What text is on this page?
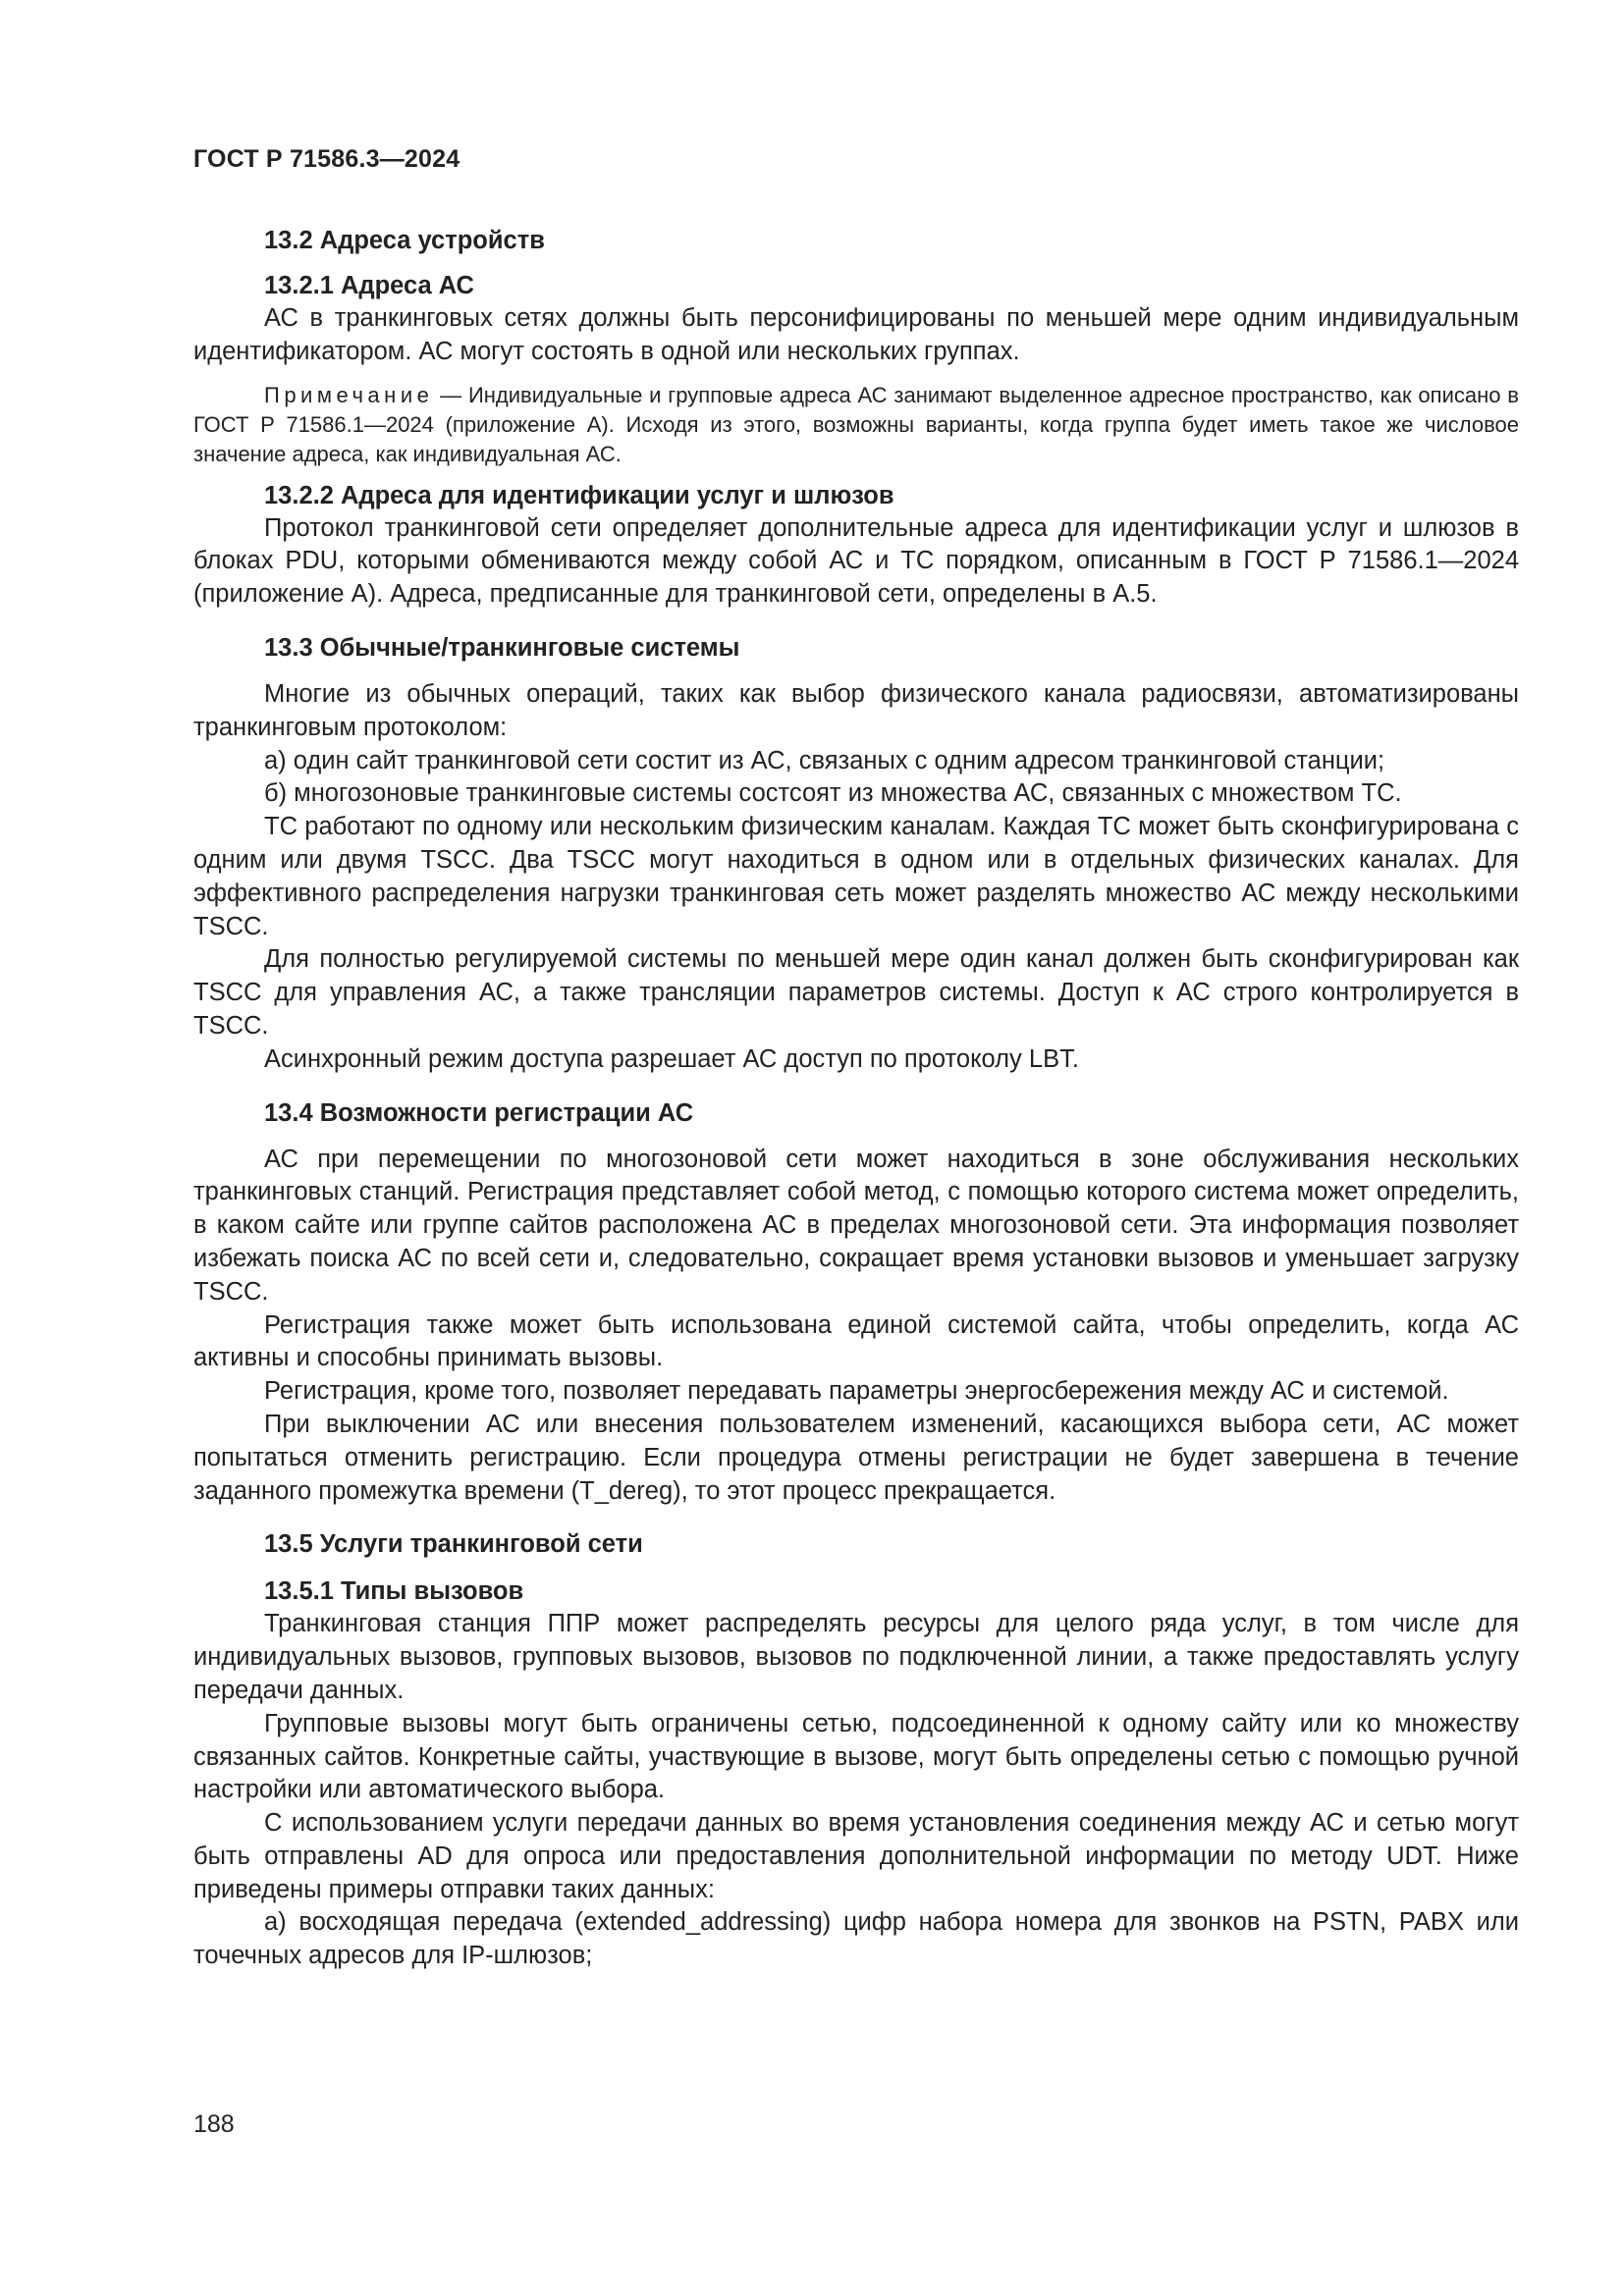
ГОСТ Р 71586.3—2024
13.2 Адреса устройств
13.2.1 Адреса АС

АС в транкинговых сетях должны быть персонифицированы по меньшей мере одним индивидуальным идентификатором. АС могут состоять в одной или нескольких группах.

Примечание — Индивидуальные и групповые адреса АС занимают выделенное адресное пространство, как описано в ГОСТ Р 71586.1—2024 (приложение А). Исходя из этого, возможны варианты, когда группа будет иметь такое же числовое значение адреса, как индивидуальная АС.
13.2.2 Адреса для идентификации услуг и шлюзов

Протокол транкинговой сети определяет дополнительные адреса для идентификации услуг и шлюзов в блоках PDU, которыми обмениваются между собой АС и ТС порядком, описанным в ГОСТ Р 71586.1—2024 (приложение А). Адреса, предписанные для транкинговой сети, определены в А.5.

13.3 Обычные/транкинговые системы

Многие из обычных операций, таких как выбор физического канала радиосвязи, автоматизированы транкинговым протоколом:

а) один сайт транкинговой сети состит из АС, связаных с одним адресом транкинговой станции;

б) многозоновые транкинговые системы состсоят из множества АС, связанных с множеством ТС.

ТС работают по одному или нескольким физическим каналам. Каждая ТС может быть сконфигурирована с одним или двумя TSCC. Два TSCC могут находиться в одном или в отдельных физических каналах. Для эффективного распределения нагрузки транкинговая сеть может разделять множество АС между несколькими TSCC.

Для полностью регулируемой системы по меньшей мере один канал должен быть сконфигурирован как TSCC для управления АС, а также трансляции параметров системы. Доступ к АС строго контролируется в TSCC.

Асинхронный режим доступа разрешает АС доступ по протоколу LBT.

13.4 Возможности регистрации АС

АС при перемещении по многозоновой сети может находиться в зоне обслуживания нескольких транкинговых станций. Регистрация представляет собой метод, с помощью которого система может определить, в каком сайте или группе сайтов расположена АС в пределах многозоновой сети. Эта информация позволяет избежать поиска АС по всей сети и, следовательно, сокращает время установки вызовов и уменьшает загрузку TSCC.

Регистрация также может быть использована единой системой сайта, чтобы определить, когда АС активны и способны принимать вызовы.

Регистрация, кроме того, позволяет передавать параметры энергосбережения между АС и системой.

При выключении АС или внесения пользователем изменений, касающихся выбора сети, АС может попытаться отменить регистрацию. Если процедура отмены регистрации не будет завершена в течение заданного промежутка времени (T_dereg), то этот процесс прекращается.

13.5 Услуги транкинговой сети
13.5.1 Типы вызовов

Транкинговая станция ППР может распределять ресурсы для целого ряда услуг, в том числе для индивидуальных вызовов, групповых вызовов, вызовов по подключенной линии, а также предоставлять услугу передачи данных.

Групповые вызовы могут быть ограничены сетью, подсоединенной к одному сайту или ко множеству связанных сайтов. Конкретные сайты, участвующие в вызове, могут быть определены сетью с помощью ручной настройки или автоматического выбора.

С использованием услуги передачи данных во время установления соединения между АС и сетью могут быть отправлены AD для опроса или предоставления дополнительной информации по методу UDT. Ниже приведены примеры отправки таких данных:

а) восходящая передача (extended_addressing) цифр набора номера для звонков на PSTN, PABX или точечных адресов для IP-шлюзов;

188
